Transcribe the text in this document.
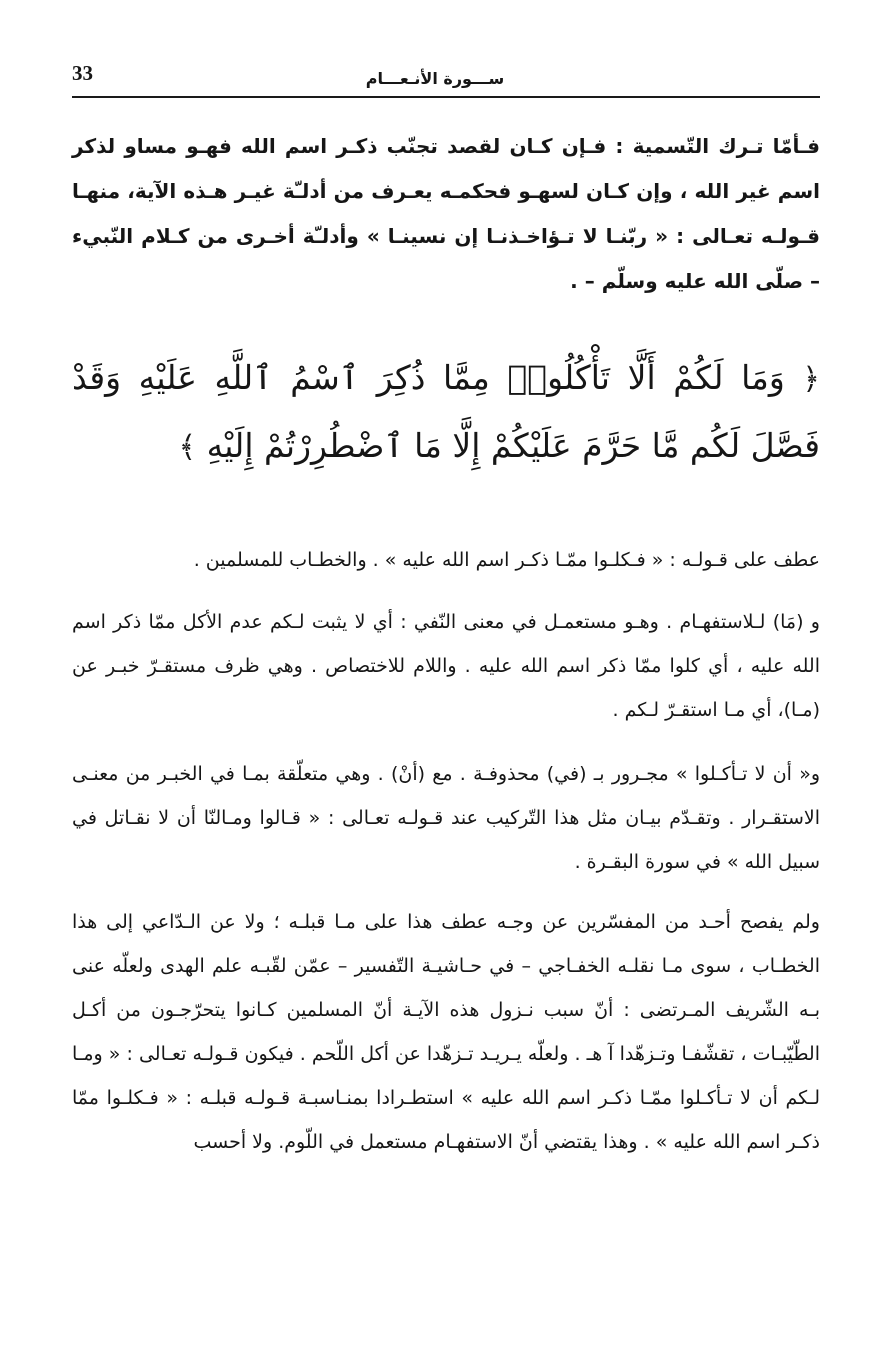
33	ســـورة الأنـعـــام

فـأمّا تـرك التّسمية : فـإن كـان لقصد تجنّب ذكـر اسم الله فهـو مساو لذكر اسم غير الله ، وإن كـان لسهـو فحكمـه يعـرف من أدلـّة غيـر هـذه الآية، منهـا قـولـه تعـالى : « ربّنـا لا تـؤاخـذنـا إن نسينـا » وأدلـّة أخـرى من كـلام النّبيء – صلّى الله عليه وسلّم – .

﴿ وَمَا لَكُمْ أَلَّا تَأْكُلُوا۟ مِمَّا ذُكِرَ ٱسْمُ ٱللَّهِ عَلَيْهِ وَقَدْ فَصَّلَ لَكُم مَّا حَرَّمَ عَلَيْكُمْ إِلَّا مَا ٱضْطُرِرْتُمْ إِلَيْهِ ﴾

عطف على قـولـه : « فـكلـوا ممّـا ذكـر اسم الله عليه » . والخطـاب للمسلمين .

و (مَا) لـلاستفهـام . وهـو مستعمـل في معنى النّفي : أي لا يثبت لـكم عدم الأكل ممّا ذكر اسم الله عليه ، أي كلوا ممّا ذكر اسم الله عليه . واللام للاختصاص . وهي ظرف مستقـرّ خبـر عن (مـا)، أي مـا استقـرّ لـكم .

و« أن لا تـأكـلوا » مجـرور بـ (في) محذوفـة . مع (أنْ) . وهي متعلّقة بمـا في الخبـر من معنـى الاستقـرار . وتقـدّم بيـان مثل هذا التّركيب عند قـولـه تعـالى : « قـالوا ومـالنّا أن لا نقـاتل في سبيل الله » في سورة البقـرة .

ولم يفصح أحـد من المفسّرين عن وجـه عطف هذا على مـا قبلـه ؛ ولا عن الـدّاعي إلى هذا الخطـاب ، سوى مـا نقلـه الخفـاجي – في حـاشيـة التّفسير – عمّن لقّبـه علم الهدى ولعلّه عنى بـه الشّريف المـرتضى : أنّ سبب نـزول هذه الآيـة أنّ المسلمين كـانوا يتحرّجـون من أكـل الطّيّبـات ، تقشّفـا وتـزهّدا آ هـ . ولعلّه يـريـد تـزهّدا عن أكل اللّحم . فيكون قـولـه تعـالى : « ومـا لـكم أن لا تـأكـلوا ممّـا ذكـر اسم الله عليه » استطـرادا بمنـاسبـة قـولـه قبلـه : « فـكلـوا ممّا ذكـر اسم الله عليه » . وهذا يقتضي أنّ الاستفهـام مستعمل في اللّوم. ولا أحسب
